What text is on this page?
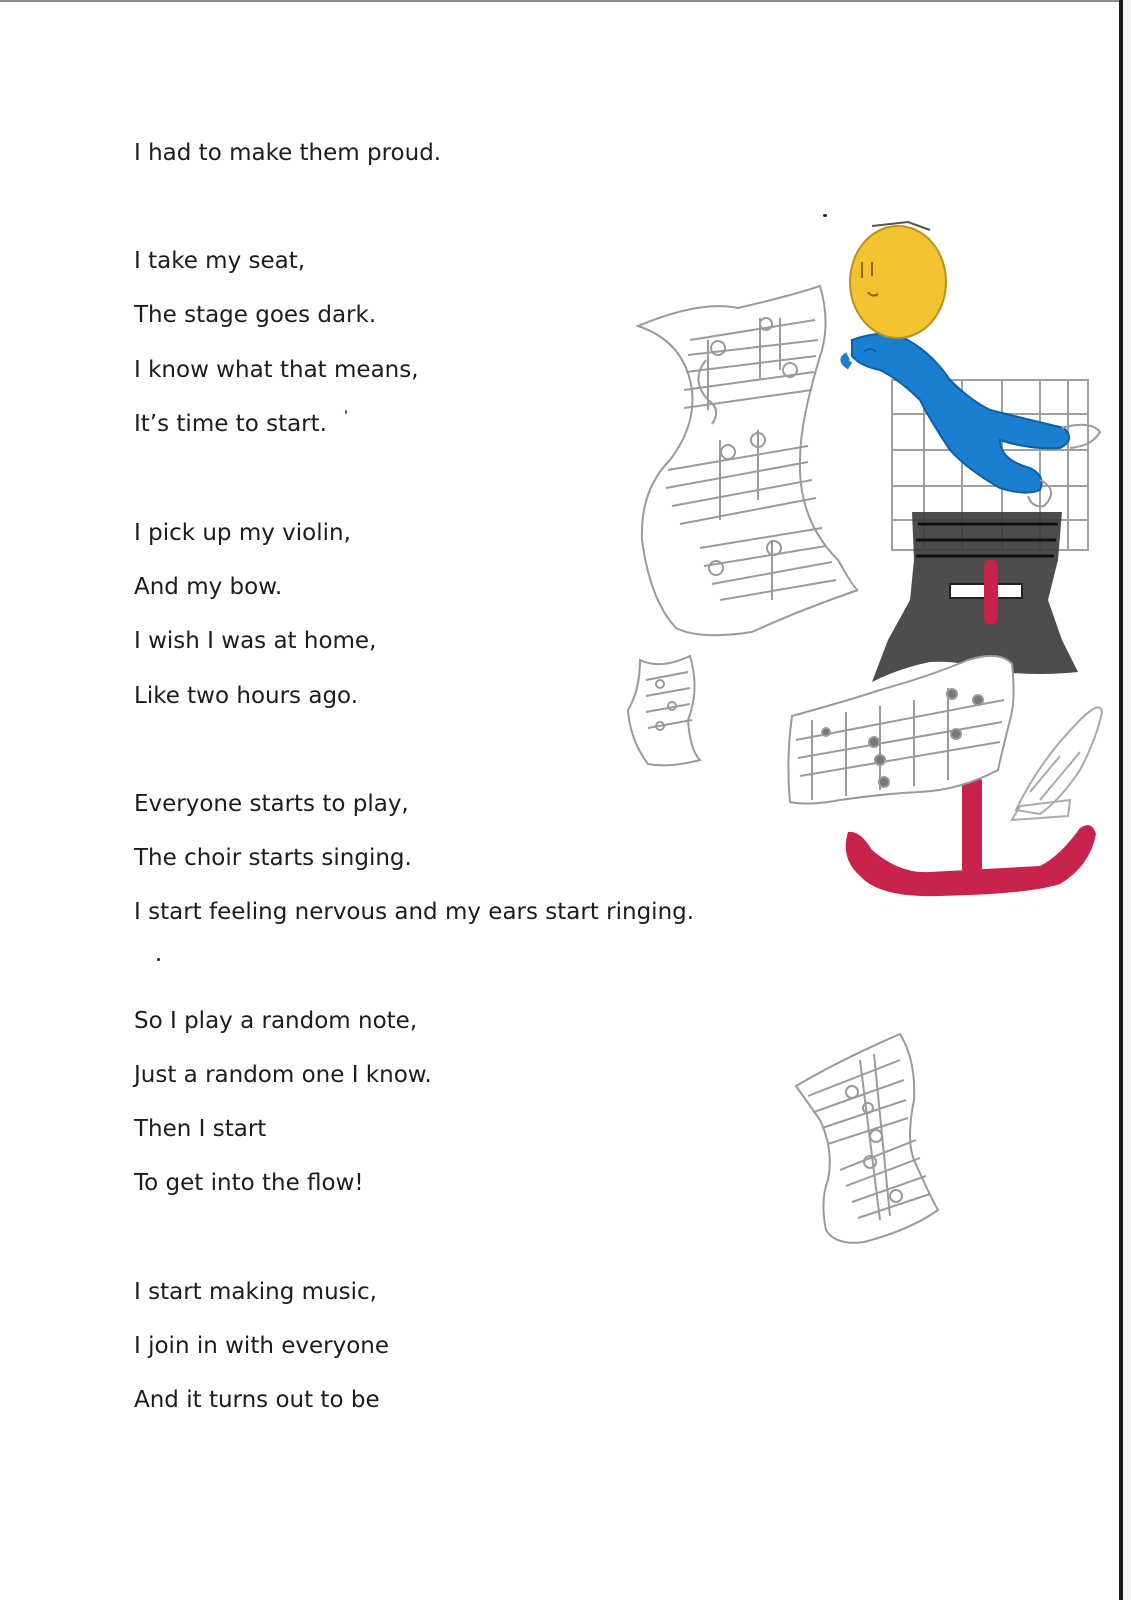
I had to make them proud.
I take my seat,
The stage goes dark.
I know what that means,
It’s time to start.
I pick up my violin,
And my bow.
I wish I was at home,
Like two hours ago.
Everyone starts to play,
The choir starts singing.
I start feeling nervous and my ears start ringing.
So I play a random note,
Just a random one I know.
Then I start
To get into the flow!
I start making music,
I join in with everyone
And it turns out to be
